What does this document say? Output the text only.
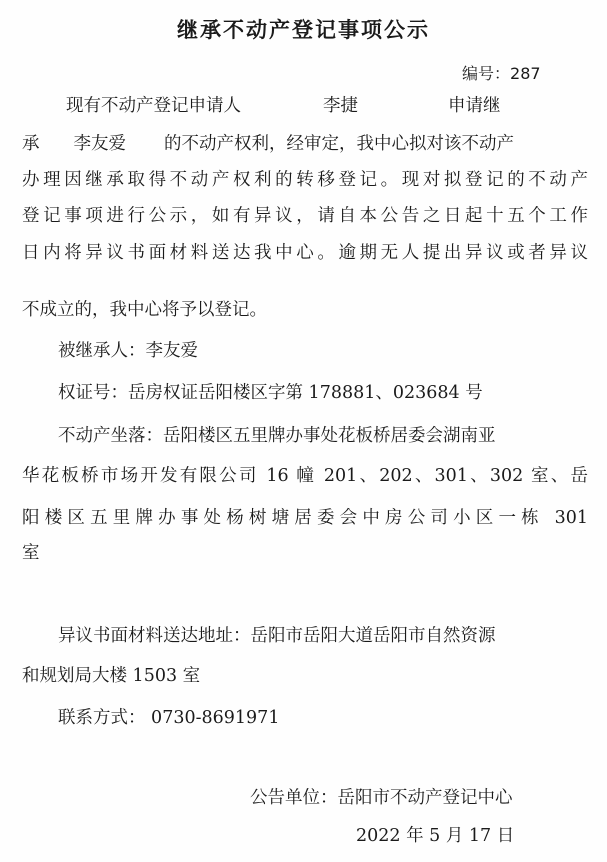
继承不动产登记事项公示
编号：287
现有不动产登记申请人	李捷	申请继
承 李友爱 的不动产权利，经审定，我中心拟对该不动产
办理因继承取得不动产权利的转移登记。现对拟登记的不动产
登记事项进行公示，如有异议，请自本公告之日起十五个工作
日内将异议书面材料送达我中心。逾期无人提出异议或者异议
不成立的，我中心将予以登记。
被继承人：李友爱
权证号：岳房权证岳阳楼区字第 178881、023684 号
不动产坐落：岳阳楼区五里牌办事处花板桥居委会湖南亚
华花板桥市场开发有限公司 16 幢 201、202、301、302 室、岳
阳楼区五里牌办事处杨树塘居委会中房公司小区一栋 301
室
异议书面材料送达地址：岳阳市岳阳大道岳阳市自然资源
和规划局大楼 1503 室
联系方式： 0730-8691971
公告单位：岳阳市不动产登记中心
2022 年 5 月 17 日
